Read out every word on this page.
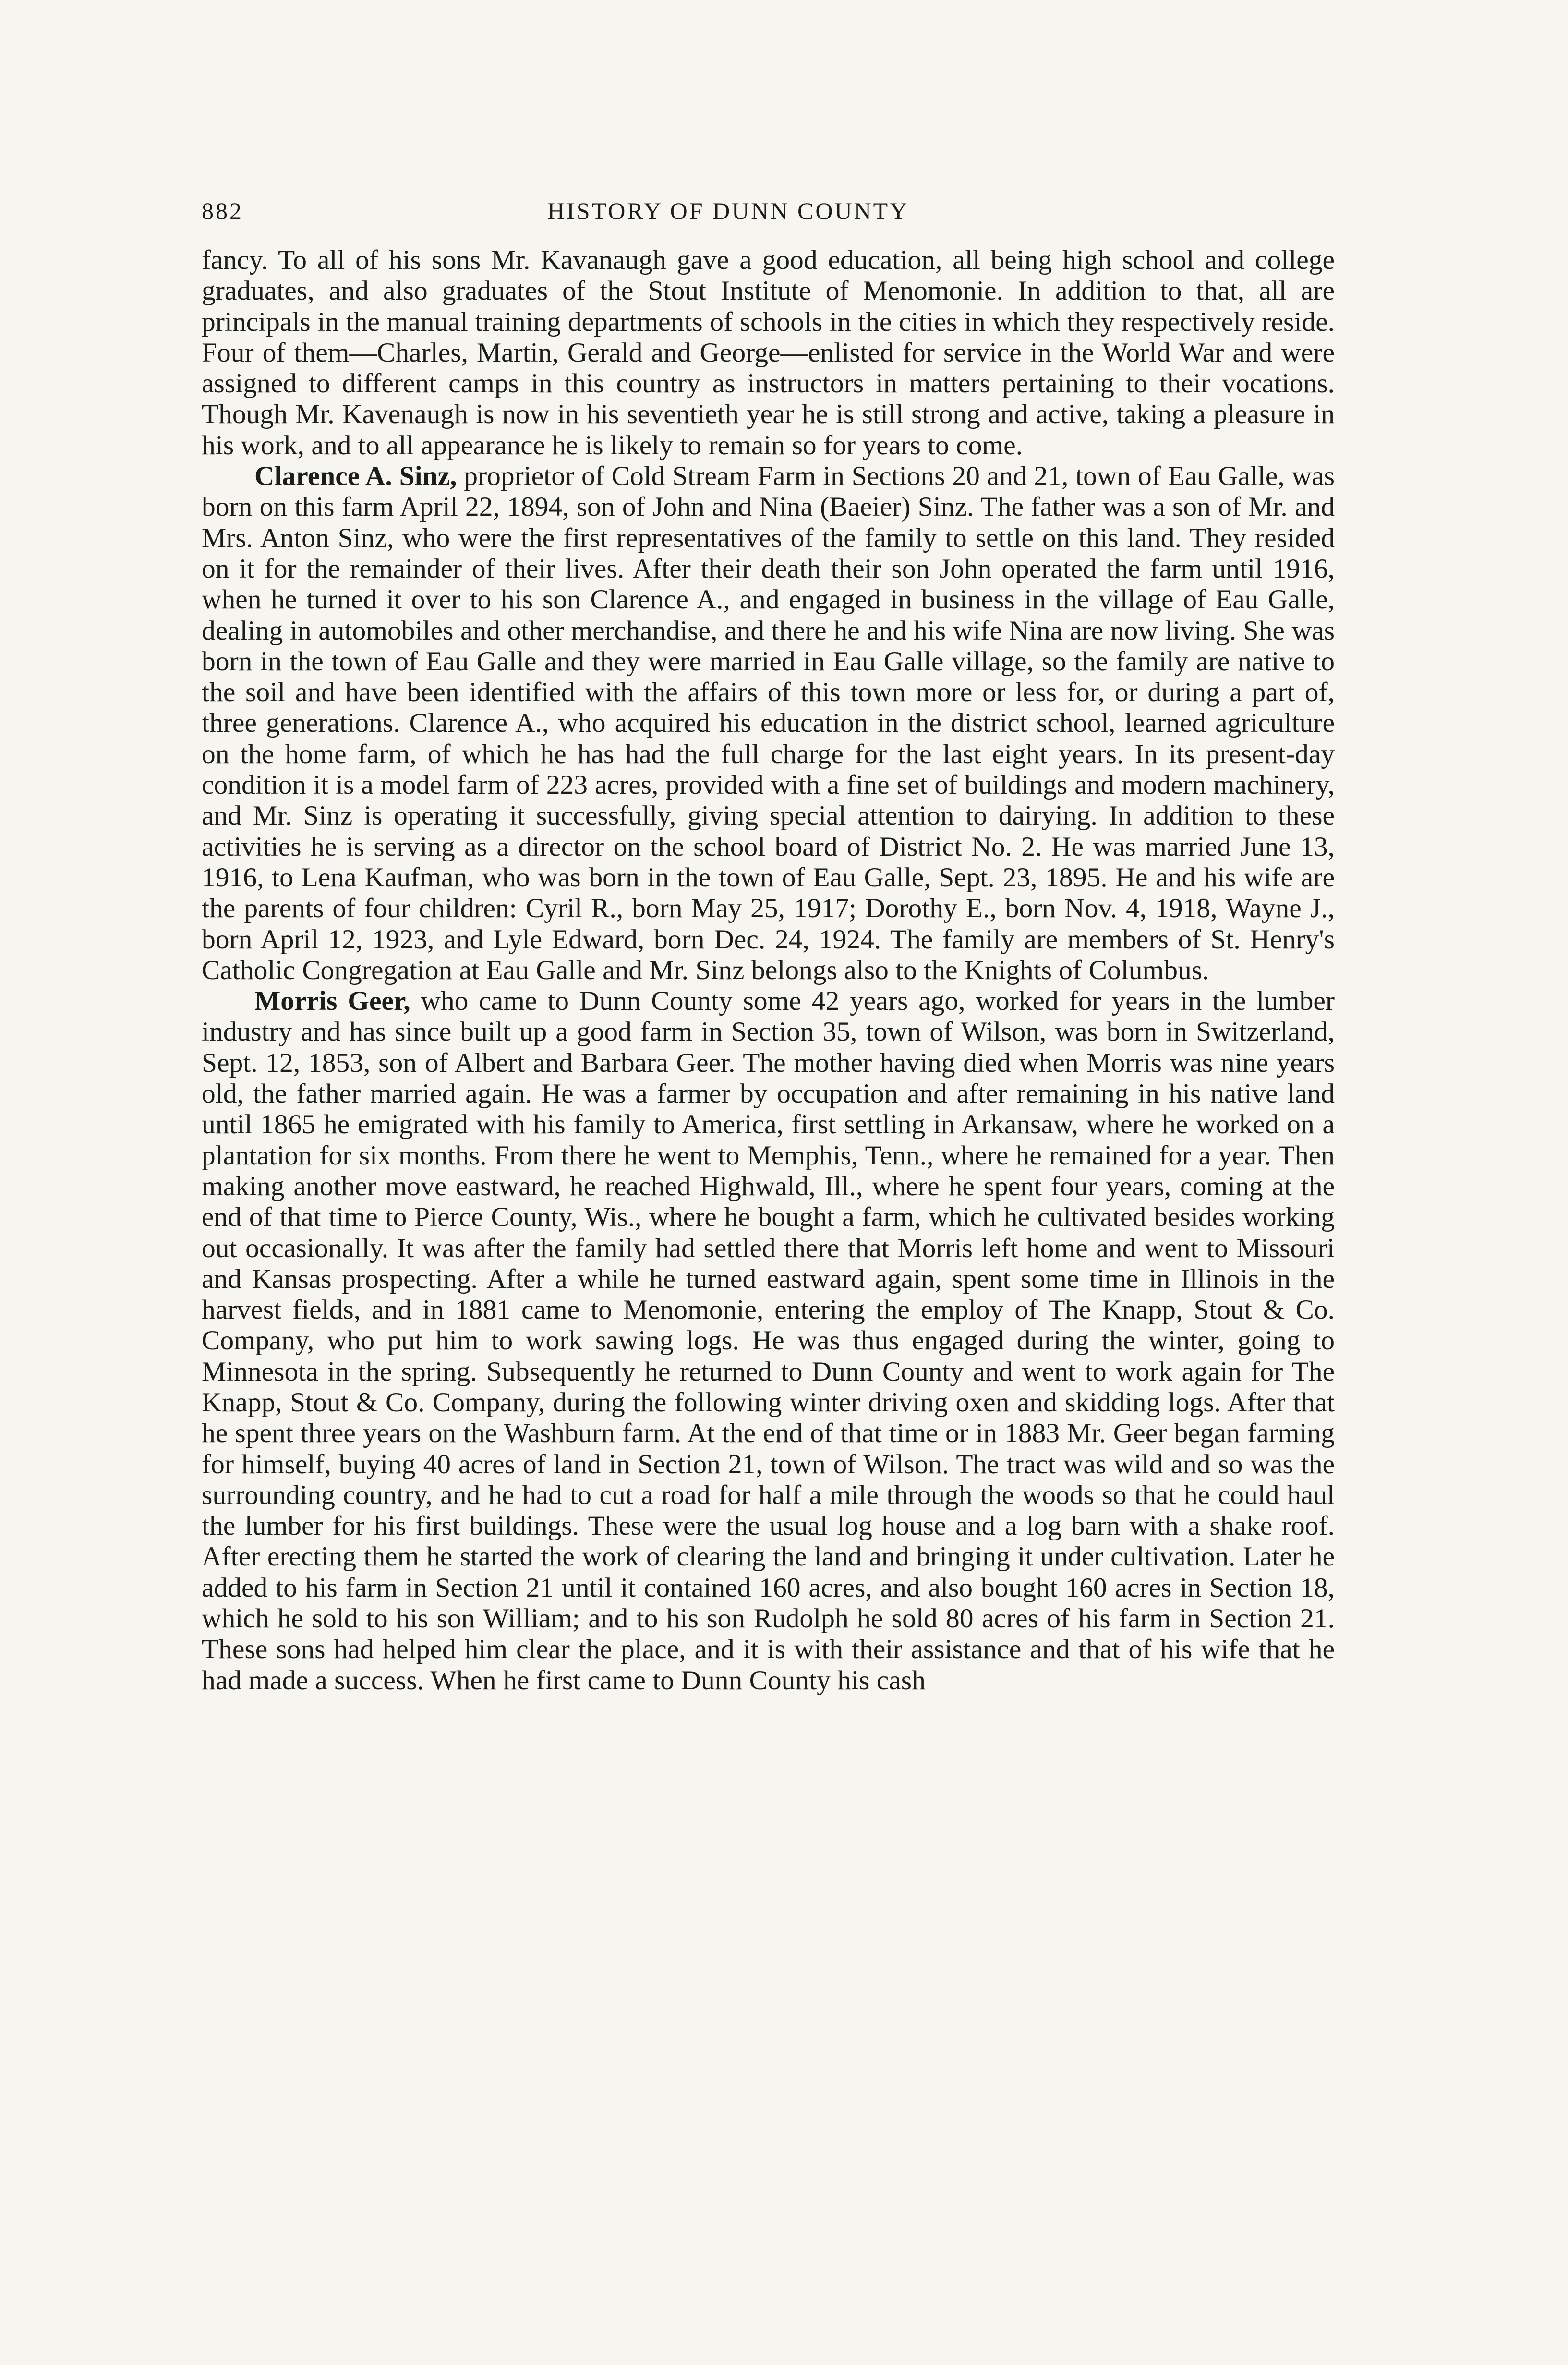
882	HISTORY OF DUNN COUNTY

fancy. To all of his sons Mr. Kavanaugh gave a good education, all being high school and college graduates, and also graduates of the Stout Institute of Menomonie. In addition to that, all are principals in the manual training departments of schools in the cities in which they respectively reside. Four of them—Charles, Martin, Gerald and George—enlisted for service in the World War and were assigned to different camps in this country as instructors in matters pertaining to their vocations. Though Mr. Kavenaugh is now in his seventieth year he is still strong and active, taking a pleasure in his work, and to all appearance he is likely to remain so for years to come.

Clarence A. Sinz, proprietor of Cold Stream Farm in Sections 20 and 21, town of Eau Galle, was born on this farm April 22, 1894, son of John and Nina (Baeier) Sinz. The father was a son of Mr. and Mrs. Anton Sinz, who were the first representatives of the family to settle on this land. They resided on it for the remainder of their lives. After their death their son John operated the farm until 1916, when he turned it over to his son Clarence A., and engaged in business in the village of Eau Galle, dealing in automobiles and other merchandise, and there he and his wife Nina are now living. She was born in the town of Eau Galle and they were married in Eau Galle village, so the family are native to the soil and have been identified with the affairs of this town more or less for, or during a part of, three generations. Clarence A., who acquired his education in the district school, learned agriculture on the home farm, of which he has had the full charge for the last eight years. In its present-day condition it is a model farm of 223 acres, provided with a fine set of buildings and modern machinery, and Mr. Sinz is operating it successfully, giving special attention to dairying. In addition to these activities he is serving as a director on the school board of District No. 2. He was married June 13, 1916, to Lena Kaufman, who was born in the town of Eau Galle, Sept. 23, 1895. He and his wife are the parents of four children: Cyril R., born May 25, 1917; Dorothy E., born Nov. 4, 1918, Wayne J., born April 12, 1923, and Lyle Edward, born Dec. 24, 1924. The family are members of St. Henry's Catholic Congregation at Eau Galle and Mr. Sinz belongs also to the Knights of Columbus.

Morris Geer, who came to Dunn County some 42 years ago, worked for years in the lumber industry and has since built up a good farm in Section 35, town of Wilson, was born in Switzerland, Sept. 12, 1853, son of Albert and Barbara Geer. The mother having died when Morris was nine years old, the father married again. He was a farmer by occupation and after remaining in his native land until 1865 he emigrated with his family to America, first settling in Arkansaw, where he worked on a plantation for six months. From there he went to Memphis, Tenn., where he remained for a year. Then making another move eastward, he reached Highwald, Ill., where he spent four years, coming at the end of that time to Pierce County, Wis., where he bought a farm, which he cultivated besides working out occasionally. It was after the family had settled there that Morris left home and went to Missouri and Kansas prospecting. After a while he turned eastward again, spent some time in Illinois in the harvest fields, and in 1881 came to Menomonie, entering the employ of The Knapp, Stout & Co. Company, who put him to work sawing logs. He was thus engaged during the winter, going to Minnesota in the spring. Subsequently he returned to Dunn County and went to work again for The Knapp, Stout & Co. Company, during the following winter driving oxen and skidding logs. After that he spent three years on the Washburn farm. At the end of that time or in 1883 Mr. Geer began farming for himself, buying 40 acres of land in Section 21, town of Wilson. The tract was wild and so was the surrounding country, and he had to cut a road for half a mile through the woods so that he could haul the lumber for his first buildings. These were the usual log house and a log barn with a shake roof. After erecting them he started the work of clearing the land and bringing it under cultivation. Later he added to his farm in Section 21 until it contained 160 acres, and also bought 160 acres in Section 18, which he sold to his son William; and to his son Rudolph he sold 80 acres of his farm in Section 21. These sons had helped him clear the place, and it is with their assistance and that of his wife that he had made a success. When he first came to Dunn County his cash
